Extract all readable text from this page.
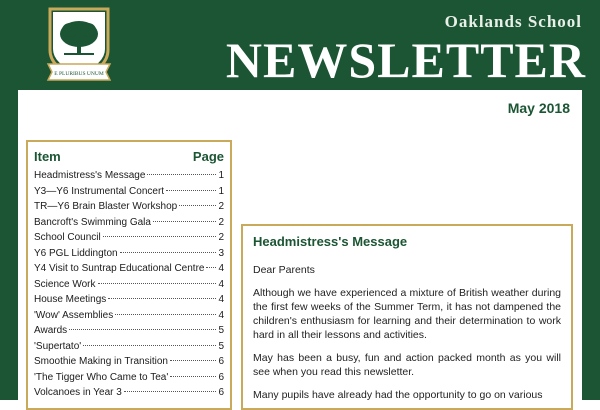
E PLURIBUS UNUM
Oaklands School
NEWSLETTER
May 2018
Item	Page
Headmistress's Message	1
Y3—Y6 Instrumental Concert	1
TR—Y6 Brain Blaster Workshop	2
Bancroft's Swimming Gala	2
School Council	2
Y6 PGL Liddington	3
Y4 Visit to Suntrap Educational Centre 4
Science Work	4
House Meetings	4
'Wow' Assemblies	4
Awards	5
'Supertato'	5
Smoothie Making in Transition	6
'The Tigger Who Came to Tea'	6
Volcanoes in Year 3	6
Headmistress's Message

Dear Parents

Although we have experienced a mixture of British weather during the first few weeks of the Summer Term, it has not dampened the children's enthusiasm for learning and their determination to work hard in all their lessons and activities.

May has been a busy, fun and action packed month as you will see when you read this newsletter.

Many pupils have already had the opportunity to go on various
